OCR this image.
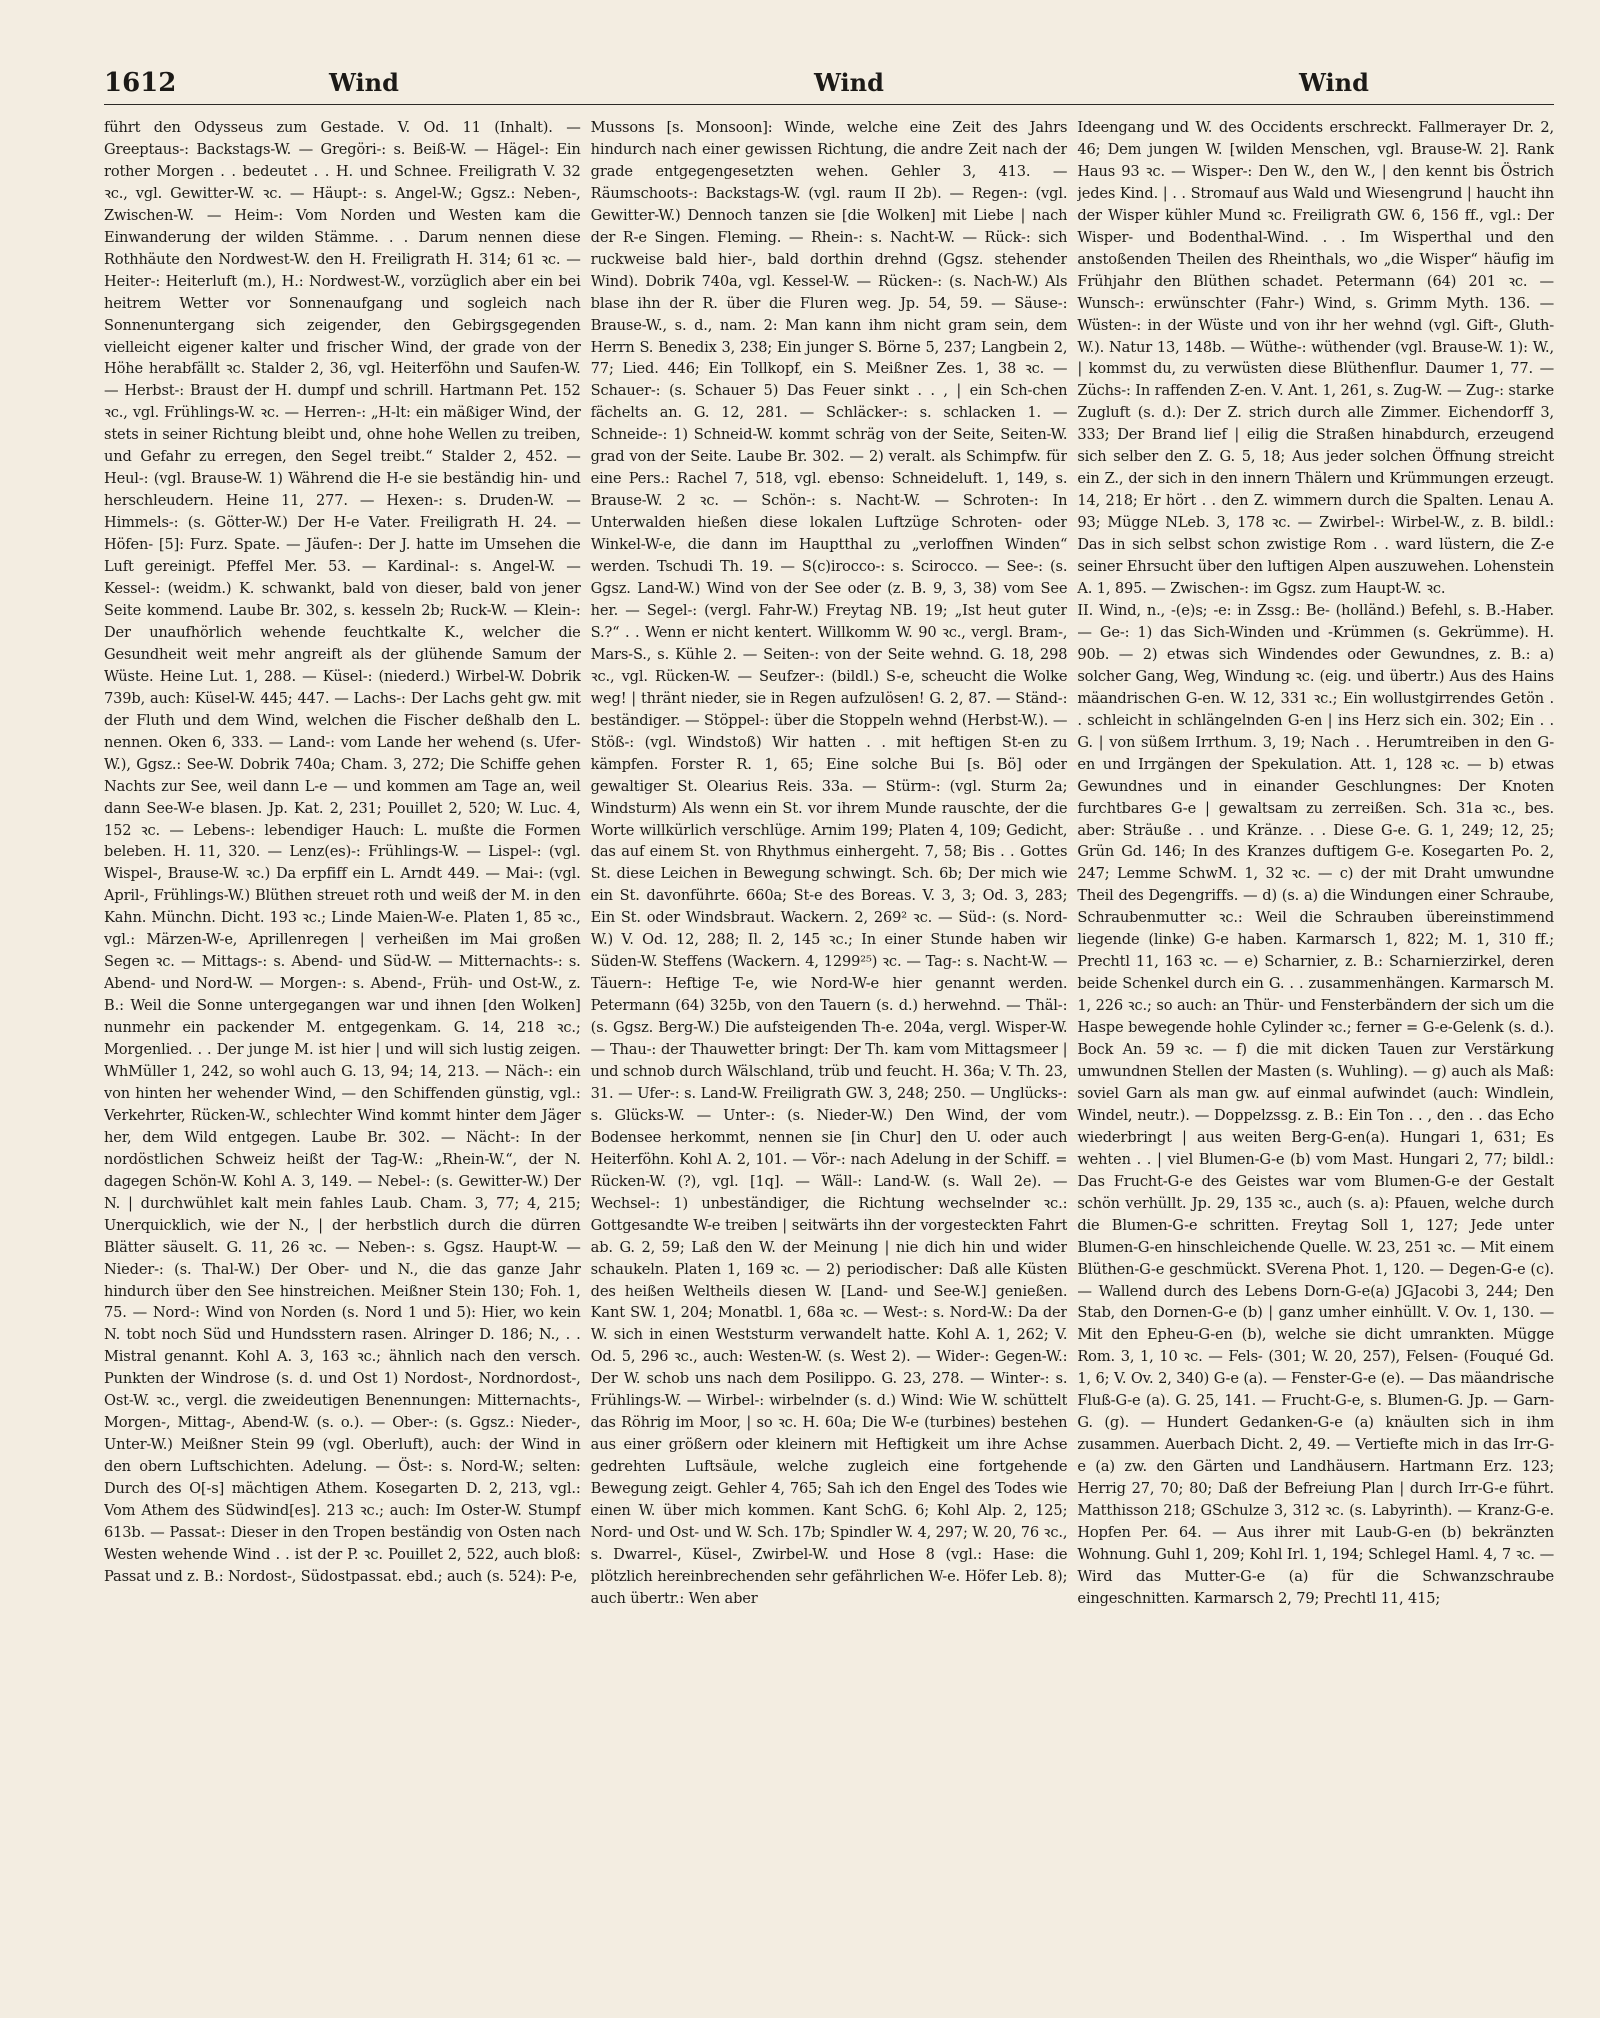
1612	Wind	Wind	Wind

führt den Odysseus zum Gestade. V. Od. 11 (Inhalt). — Greeptaus-: Backstags-W. — Gregöri-: s. Beiß-W. — Hägel-: Ein rother Morgen . . bedeutet . . H. und Schnee. Freiligrath V. 32 ꝛc., vgl. Gewitter-W. ꝛc. — Häupt-: s. Angel-W.; Ggsz.: Neben-, Zwischen-W. — Heim-: Vom Norden und Westen kam die Einwanderung der wilden Stämme. . . Darum nennen diese Rothhäute den Nordwest-W. den H. Freiligrath H. 314; 61 ꝛc. — Heiter-: Heiterluft (m.), H.: Nordwest-W., vorzüglich aber ein bei heitrem Wetter vor Sonnenaufgang und sogleich nach Sonnenuntergang sich zeigender, den Gebirgsgegenden vielleicht eigener kalter und frischer Wind, der grade von der Höhe herabfällt ꝛc. Stalder 2, 36, vgl. Heiterföhn und Saufen-W. — Herbst-: Braust der H. dumpf und schrill. Hartmann Pet. 152 ꝛc., vgl. Frühlings-W. ꝛc. — Herren-: „H-lt: ein mäßiger Wind, der stets in seiner Richtung bleibt und, ohne hohe Wellen zu treiben, und Gefahr zu erregen, den Segel treibt.“ Stalder 2, 452. — Heul-: (vgl. Brause-W. 1) Während die H-e sie beständig hin- und herschleudern. Heine 11, 277. — Hexen-: s. Druden-W. — Himmels-: (s. Götter-W.) Der H-e Vater. Freiligrath H. 24. — Höfen- [5]: Furz. Spate. — Jäufen-: Der J. hatte im Umsehen die Luft gereinigt. Pfeffel Mer. 53. — Kardinal-: s. Angel-W. — Kessel-: (weidm.) K. schwankt, bald von dieser, bald von jener Seite kommend. Laube Br. 302, s. kesseln 2b; Ruck-W. — Klein-: Der unaufhörlich wehende feuchtkalte K., welcher die Gesundheit weit mehr angreift als der glühende Samum der Wüste. Heine Lut. 1, 288. — Küsel-: (niederd.) Wirbel-W. Dobrik 739b, auch: Küsel-W. 445; 447. — Lachs-: Der Lachs geht gw. mit der Fluth und dem Wind, welchen die Fischer deßhalb den L. nennen. Oken 6, 333. — Land-: vom Lande her wehend (s. Ufer-W.), Ggsz.: See-W. Dobrik 740a; Cham. 3, 272; Die Schiffe gehen Nachts zur See, weil dann L-e — und kommen am Tage an, weil dann See-W-e blasen. Jp. Kat. 2, 231; Pouillet 2, 520; W. Luc. 4, 152 ꝛc. — Lebens-: lebendiger Hauch: L. mußte die Formen beleben. H. 11, 320. — Lenz(es)-: Frühlings-W. — Lispel-: (vgl. Wispel-, Brause-W. ꝛc.) Da erpfiff ein L. Arndt 449. — Mai-: (vgl. April-, Frühlings-W.) Blüthen streuet roth und weiß der M. in den Kahn. Münchn. Dicht. 193 ꝛc.; Linde Maien-W-e. Platen 1, 85 ꝛc., vgl.: Märzen-W-e, Aprillenregen | verheißen im Mai großen Segen ꝛc. — Mittags-: s. Abend- und Süd-W. — Mitternachts-: s. Abend- und Nord-W. — Morgen-: s. Abend-, Früh- und Ost-W., z. B.: Weil die Sonne untergegangen war und ihnen [den Wolken] nunmehr ein packender M. entgegenkam. G. 14, 218 ꝛc.; Morgenlied. . . Der junge M. ist hier | und will sich lustig zeigen. WhMüller 1, 242, so wohl auch G. 13, 94; 14, 213. — Näch-: ein von hinten her wehender Wind, — den Schiffenden günstig, vgl.: Verkehrter, Rücken-W., schlechter Wind kommt hinter dem Jäger her, dem Wild entgegen. Laube Br. 302. — Nächt-: In der nordöstlichen Schweiz heißt der Tag-W.: „Rhein-W.“, der N. dagegen Schön-W. Kohl A. 3, 149. — Nebel-: (s. Gewitter-W.) Der N. | durchwühlet kalt mein fahles Laub. Cham. 3, 77; 4, 215; Unerquicklich, wie der N., | der herbstlich durch die dürren Blätter säuselt. G. 11, 26 ꝛc. — Neben-: s. Ggsz. Haupt-W. — Nieder-: (s. Thal-W.) Der Ober- und N., die das ganze Jahr hindurch über den See hinstreichen. Meißner Stein 130; Foh. 1, 75. — Nord-: Wind von Norden (s. Nord 1 und 5): Hier, wo kein N. tobt noch Süd und Hundsstern rasen. Alringer D. 186; N., . . Mistral genannt. Kohl A. 3, 163 ꝛc.; ähnlich nach den versch. Punkten der Windrose (s. d. und Ost 1) Nordost-, Nordnordost-, Ost-W. ꝛc., vergl. die zweideutigen Benennungen: Mitternachts-, Morgen-, Mittag-, Abend-W. (s. o.). — Ober-: (s. Ggsz.: Nieder-, Unter-W.) Meißner Stein 99 (vgl. Oberluft), auch: der Wind in den obern Luftschichten. Adelung. — Öst-: s. Nord-W.; selten: Durch des O[-s] mächtigen Athem. Kosegarten D. 2, 213, vgl.: Vom Athem des Südwind[es]. 213 ꝛc.; auch: Im Oster-W. Stumpf 613b. — Passat-: Dieser in den Tropen beständig von Osten nach Westen wehende Wind . . ist der P. ꝛc. Pouillet 2, 522, auch bloß: Passat und z. B.: Nordost-, Südostpassat. ebd.; auch (s. 524): P-e,

Mussons [s. Monsoon]: Winde, welche eine Zeit des Jahrs hindurch nach einer gewissen Richtung, die andre Zeit nach der grade entgegengesetzten wehen. Gehler 3, 413. — Räumschoots-: Backstags-W. (vgl. raum II 2b). — Regen-: (vgl. Gewitter-W.) Dennoch tanzen sie [die Wolken] mit Liebe | nach der R-e Singen. Fleming. — Rhein-: s. Nacht-W. — Rück-: sich ruckweise bald hier-, bald dorthin drehnd (Ggsz. stehender Wind). Dobrik 740a, vgl. Kessel-W. — Rücken-: (s. Nach-W.) Als blase ihn der R. über die Fluren weg. Jp. 54, 59. — Säuse-: Brause-W., s. d., nam. 2: Man kann ihm nicht gram sein, dem Herrn S. Benedix 3, 238; Ein junger S. Börne 5, 237; Langbein 2, 77; Lied. 446; Ein Tollkopf, ein S. Meißner Zes. 1, 38 ꝛc. — Schauer-: (s. Schauer 5) Das Feuer sinkt . . , | ein Sch-chen fächelts an. G. 12, 281. — Schläcker-: s. schlacken 1. — Schneide-: 1) Schneid-W. kommt schräg von der Seite, Seiten-W. grad von der Seite. Laube Br. 302. — 2) veralt. als Schimpfw. für eine Pers.: Rachel 7, 518, vgl. ebenso: Schneideluft. 1, 149, s. Brause-W. 2 ꝛc. — Schön-: s. Nacht-W. — Schroten-: In Unterwalden hießen diese lokalen Luftzüge Schroten- oder Winkel-W-e, die dann im Hauptthal zu „verloffnen Winden“ werden. Tschudi Th. 19. — S(c)irocco-: s. Scirocco. — See-: (s. Ggsz. Land-W.) Wind von der See oder (z. B. 9, 3, 38) vom See her. — Segel-: (vergl. Fahr-W.) Freytag NB. 19; „Ist heut guter S.?“ . . Wenn er nicht kentert. Willkomm W. 90 ꝛc., vergl. Bram-, Mars-S., s. Kühle 2. — Seiten-: von der Seite wehnd. G. 18, 298 ꝛc., vgl. Rücken-W. — Seufzer-: (bildl.) S-e, scheucht die Wolke weg! | thränt nieder, sie in Regen aufzulösen! G. 2, 87. — Ständ-: beständiger. — Stöppel-: über die Stoppeln wehnd (Herbst-W.). — Stöß-: (vgl. Windstoß) Wir hatten . . mit heftigen St-en zu kämpfen. Forster R. 1, 65; Eine solche Bui [s. Bö] oder gewaltiger St. Olearius Reis. 33a. — Stürm-: (vgl. Sturm 2a; Windsturm) Als wenn ein St. vor ihrem Munde rauschte, der die Worte willkürlich verschlüge. Arnim 199; Platen 4, 109; Gedicht, das auf einem St. von Rhythmus einhergeht. 7, 58; Bis . . Gottes St. diese Leichen in Bewegung schwingt. Sch. 6b; Der mich wie ein St. davonführte. 660a; St-e des Boreas. V. 3, 3; Od. 3, 283; Ein St. oder Windsbraut. Wackern. 2, 269² ꝛc. — Süd-: (s. Nord-W.) V. Od. 12, 288; Il. 2, 145 ꝛc.; In einer Stunde haben wir Süden-W. Steffens (Wackern. 4, 1299²⁵) ꝛc. — Tag-: s. Nacht-W. — Täuern-: Heftige T-e, wie Nord-W-e hier genannt werden. Petermann (64) 325b, von den Tauern (s. d.) herwehnd. — Thäl-: (s. Ggsz. Berg-W.) Die aufsteigenden Th-e. 204a, vergl. Wisper-W. — Thau-: der Thauwetter bringt: Der Th. kam vom Mittagsmeer | und schnob durch Wälschland, trüb und feucht. H. 36a; V. Th. 23, 31. — Ufer-: s. Land-W. Freiligrath GW. 3, 248; 250. — Unglücks-: s. Glücks-W. — Unter-: (s. Nieder-W.) Den Wind, der vom Bodensee herkommt, nennen sie [in Chur] den U. oder auch Heiterföhn. Kohl A. 2, 101. — Vör-: nach Adelung in der Schiff. = Rücken-W. (?), vgl. [1q]. — Wäll-: Land-W. (s. Wall 2e). — Wechsel-: 1) unbeständiger, die Richtung wechselnder ꝛc.: Gottgesandte W-e treiben | seitwärts ihn der vorgesteckten Fahrt ab. G. 2, 59; Laß den W. der Meinung | nie dich hin und wider schaukeln. Platen 1, 169 ꝛc. — 2) periodischer: Daß alle Küsten des heißen Weltheils diesen W. [Land- und See-W.] genießen. Kant SW. 1, 204; Monatbl. 1, 68a ꝛc. — West-: s. Nord-W.: Da der W. sich in einen Weststurm verwandelt hatte. Kohl A. 1, 262; V. Od. 5, 296 ꝛc., auch: Westen-W. (s. West 2). — Wider-: Gegen-W.: Der W. schob uns nach dem Posilippo. G. 23, 278. — Winter-: s. Frühlings-W. — Wirbel-: wirbelnder (s. d.) Wind: Wie W. schüttelt das Röhrig im Moor, | so ꝛc. H. 60a; Die W-e (turbines) bestehen aus einer größern oder kleinern mit Heftigkeit um ihre Achse gedrehten Luftsäule, welche zugleich eine fortgehende Bewegung zeigt. Gehler 4, 765; Sah ich den Engel des Todes wie einen W. über mich kommen. Kant SchG. 6; Kohl Alp. 2, 125; Nord- und Ost- und W. Sch. 17b; Spindler W. 4, 297; W. 20, 76 ꝛc., s. Dwarrel-, Küsel-, Zwirbel-W. und Hose 8 (vgl.: Hase: die plötzlich hereinbrechenden sehr gefährlichen W-e. Höfer Leb. 8); auch übertr.: Wen aber

Ideengang und W. des Occidents erschreckt. Fallmerayer Dr. 2, 46; Dem jungen W. [wilden Menschen, vgl. Brause-W. 2]. Rank Haus 93 ꝛc. — Wisper-: Den W., den W., | den kennt bis Östrich jedes Kind. | . . Stromauf aus Wald und Wiesengrund | haucht ihn der Wisper kühler Mund ꝛc. Freiligrath GW. 6, 156 ff., vgl.: Der Wisper- und Bodenthal-Wind. . . Im Wisperthal und den anstoßenden Theilen des Rheinthals, wo „die Wisper“ häufig im Frühjahr den Blüthen schadet. Petermann (64) 201 ꝛc. — Wunsch-: erwünschter (Fahr-) Wind, s. Grimm Myth. 136. — Wüsten-: in der Wüste und von ihr her wehnd (vgl. Gift-, Gluth-W.). Natur 13, 148b. — Wüthe-: wüthender (vgl. Brause-W. 1): W., | kommst du, zu verwüsten diese Blüthenflur. Daumer 1, 77. — Züchs-: In raffenden Z-en. V. Ant. 1, 261, s. Zug-W. — Zug-: starke Zugluft (s. d.): Der Z. strich durch alle Zimmer. Eichendorff 3, 333; Der Brand lief | eilig die Straßen hinabdurch, erzeugend sich selber den Z. G. 5, 18; Aus jeder solchen Öffnung streicht ein Z., der sich in den innern Thälern und Krümmungen erzeugt. 14, 218; Er hört . . den Z. wimmern durch die Spalten. Lenau A. 93; Mügge NLeb. 3, 178 ꝛc. — Zwirbel-: Wirbel-W., z. B. bildl.: Das in sich selbst schon zwistige Rom . . ward lüstern, die Z-e seiner Ehrsucht über den luftigen Alpen auszuwehen. Lohenstein A. 1, 895. — Zwischen-: im Ggsz. zum Haupt-W. ꝛc.

II. Wind, n., -(e)s; -e: in Zssg.: Be- (holländ.) Befehl, s. B.-Haber. — Ge-: 1) das Sich-Winden und -Krümmen (s. Gekrümme). H. 90b. — 2) etwas sich Windendes oder Gewundnes, z. B.: a) solcher Gang, Weg, Windung ꝛc. (eig. und übertr.) Aus des Hains mäandrischen G-en. W. 12, 331 ꝛc.; Ein wollustgirrendes Getön . . schleicht in schlängelnden G-en | ins Herz sich ein. 302; Ein . . G. | von süßem Irrthum. 3, 19; Nach . . Herumtreiben in den G-en und Irrgängen der Spekulation. Att. 1, 128 ꝛc. — b) etwas Gewundnes und in einander Geschlungnes: Der Knoten furchtbares G-e | gewaltsam zu zerreißen. Sch. 31a ꝛc., bes. aber: Sträuße . . und Kränze. . . Diese G-e. G. 1, 249; 12, 25; Grün Gd. 146; In des Kranzes duftigem G-e. Kosegarten Po. 2, 247; Lemme SchwM. 1, 32 ꝛc. — c) der mit Draht umwundne Theil des Degengriffs. — d) (s. a) die Windungen einer Schraube, Schraubenmutter ꝛc.: Weil die Schrauben übereinstimmend liegende (linke) G-e haben. Karmarsch 1, 822; M. 1, 310 ff.; Prechtl 11, 163 ꝛc. — e) Scharnier, z. B.: Scharnierzirkel, deren beide Schenkel durch ein G. . . zusammenhängen. Karmarsch M. 1, 226 ꝛc.; so auch: an Thür- und Fensterbändern der sich um die Haspe bewegende hohle Cylinder ꝛc.; ferner = G-e-Gelenk (s. d.). Bock An. 59 ꝛc. — f) die mit dicken Tauen zur Verstärkung umwundnen Stellen der Masten (s. Wuhling). — g) auch als Maß: soviel Garn als man gw. auf einmal aufwindet (auch: Windlein, Windel, neutr.). — Doppelzssg. z. B.: Ein Ton . . , den . . das Echo wiederbringt | aus weiten Berg-G-en(a). Hungari 1, 631; Es wehten . . | viel Blumen-G-e (b) vom Mast. Hungari 2, 77; bildl.: Das Frucht-G-e des Geistes war vom Blumen-G-e der Gestalt schön verhüllt. Jp. 29, 135 ꝛc., auch (s. a): Pfauen, welche durch die Blumen-G-e schritten. Freytag Soll 1, 127; Jede unter Blumen-G-en hinschleichende Quelle. W. 23, 251 ꝛc. — Mit einem Blüthen-G-e geschmückt. SVerena Phot. 1, 120. — Degen-G-e (c). — Wallend durch des Lebens Dorn-G-e(a) JGJacobi 3, 244; Den Stab, den Dornen-G-e (b) | ganz umher einhüllt. V. Ov. 1, 130. — Mit den Epheu-G-en (b), welche sie dicht umrankten. Mügge Rom. 3, 1, 10 ꝛc. — Fels- (301; W. 20, 257), Felsen- (Fouqué Gd. 1, 6; V. Ov. 2, 340) G-e (a). — Fenster-G-e (e). — Das mäandrische Fluß-G-e (a). G. 25, 141. — Frucht-G-e, s. Blumen-G. Jp. — Garn-G. (g). — Hundert Gedanken-G-e (a) knäulten sich in ihm zusammen. Auerbach Dicht. 2, 49. — Vertiefte mich in das Irr-G-e (a) zw. den Gärten und Landhäusern. Hartmann Erz. 123; Herrig 27, 70; 80; Daß der Befreiung Plan | durch Irr-G-e führt. Matthisson 218; GSchulze 3, 312 ꝛc. (s. Labyrinth). — Kranz-G-e. Hopfen Per. 64. — Aus ihrer mit Laub-G-en (b) bekränzten Wohnung. Guhl 1, 209; Kohl Irl. 1, 194; Schlegel Haml. 4, 7 ꝛc. — Wird das Mutter-G-e (a) für die Schwanzschraube eingeschnitten. Karmarsch 2, 79; Prechtl 11, 415;
